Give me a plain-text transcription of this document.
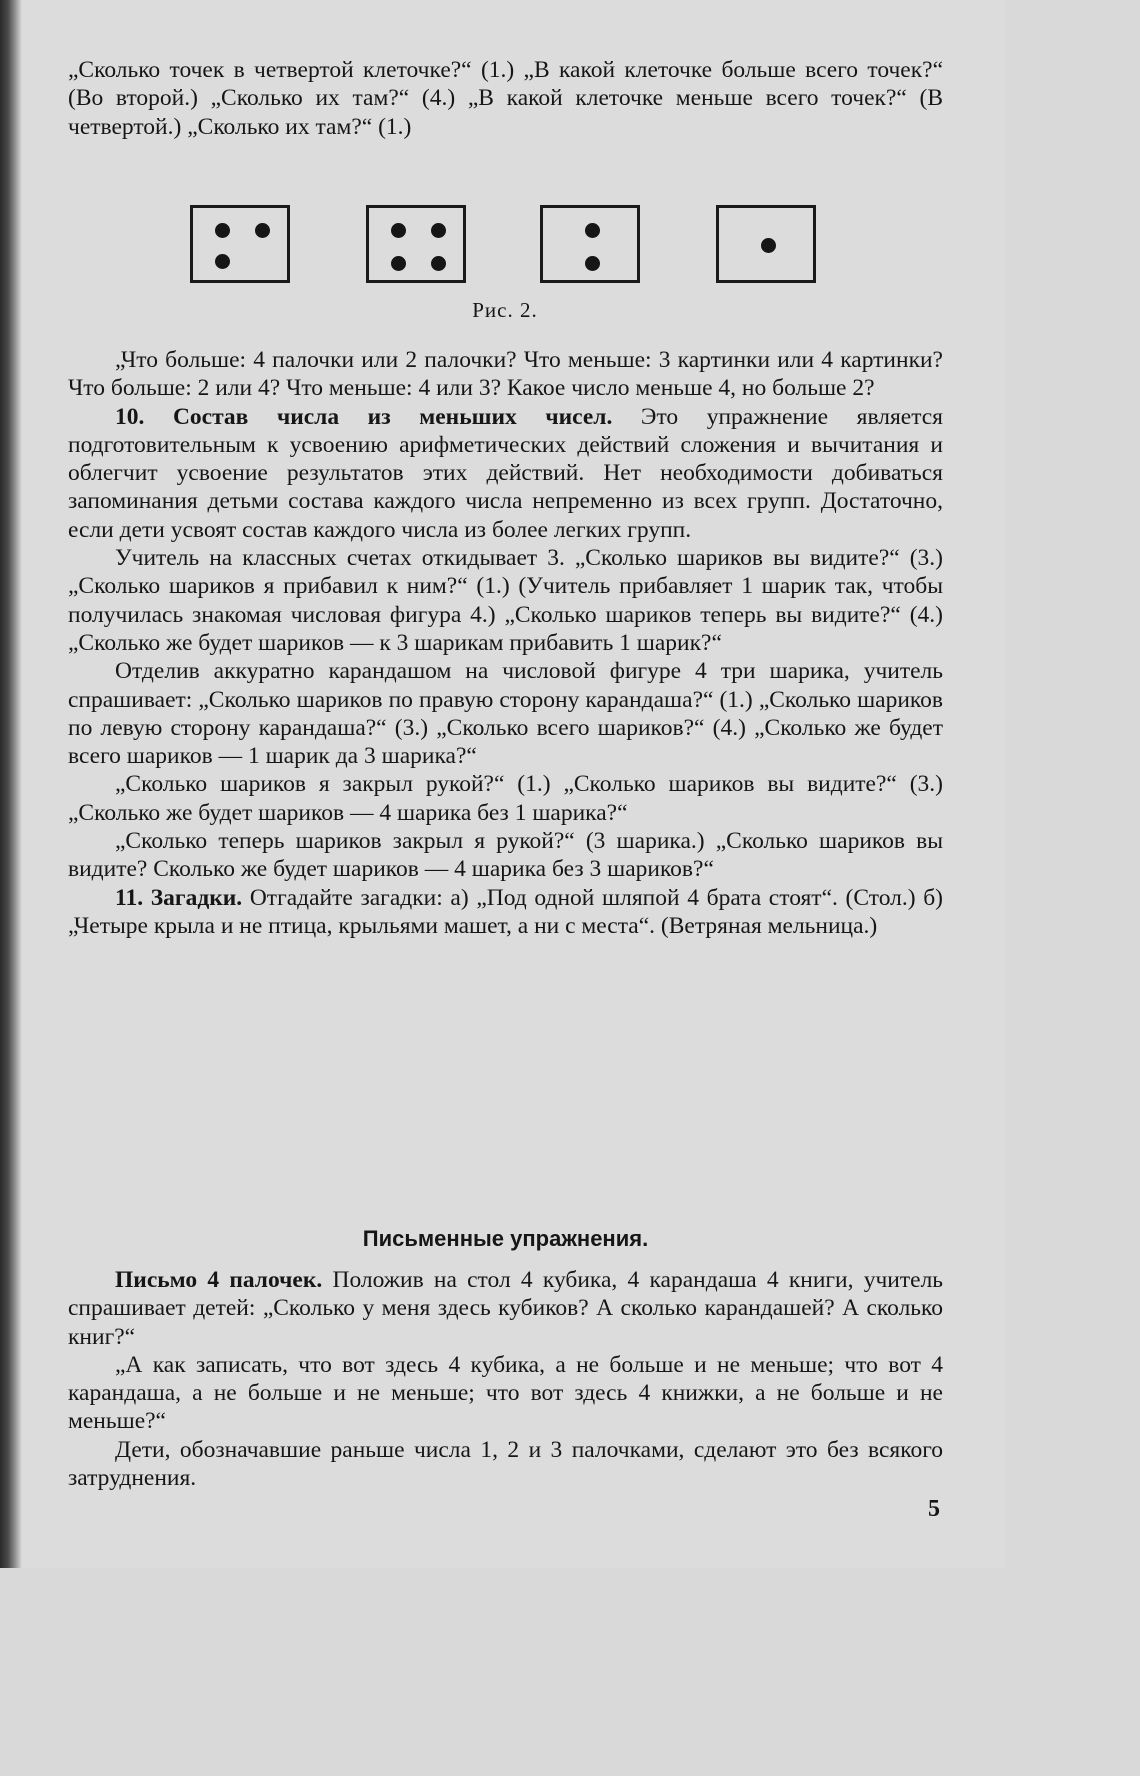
„Сколько точек в четвертой клеточке?“ (1.) „В какой клеточке больше всего точек?“ (Во второй.) „Сколько их там?“ (4.) „В какой клеточке меньше всего точек?“ (В четвертой.) „Сколько их там?“ (1.)

Рис. 2.

„Что больше: 4 палочки или 2 палочки? Что меньше: 3 картинки или 4 картинки? Что больше: 2 или 4? Что меньше: 4 или 3? Какое число меньше 4, но больше 2?

10. Состав числа из меньших чисел. Это упражнение является подготовительным к усвоению арифметических действий сложения и вычитания и облегчит усвоение результатов этих действий. Нет необходимости добиваться запоминания детьми состава каждого числа непременно из всех групп. Достаточно, если дети усвоят состав каждого числа из более легких групп.

Учитель на классных счетах откидывает 3. „Сколько шариков вы видите?“ (3.) „Сколько шариков я прибавил к ним?“ (1.) (Учитель прибавляет 1 шарик так, чтобы получилась знакомая числовая фигура 4.) „Сколько шариков теперь вы видите?“ (4.) „Сколько же будет шариков — к 3 шарикам прибавить 1 шарик?“

Отделив аккуратно карандашом на числовой фигуре 4 три шарика, учитель спрашивает: „Сколько шариков по правую сторону карандаша?“ (1.) „Сколько шариков по левую сторону карандаша?“ (3.) „Сколько всего шариков?“ (4.) „Сколько же будет всего шариков — 1 шарик да 3 шарика?“

„Сколько шариков я закрыл рукой?“ (1.) „Сколько шариков вы видите?“ (3.) „Сколько же будет шариков — 4 шарика без 1 шарика?“

„Сколько теперь шариков закрыл я рукой?“ (3 шарика.) „Сколько шариков вы видите? Сколько же будет шариков — 4 шарика без 3 шариков?“

11. Загадки. Отгадайте загадки: а) „Под одной шляпой 4 брата стоят“. (Стол.) б) „Четыре крыла и не птица, крыльями машет, а ни с места“. (Ветряная мельница.)

Письменные упражнения.

Письмо 4 палочек. Положив на стол 4 кубика, 4 карандаша 4 книги, учитель спрашивает детей: „Сколько у меня здесь кубиков? А сколько карандашей? А сколько книг?“

„А как записать, что вот здесь 4 кубика, а не больше и не меньше; что вот 4 карандаша, а не больше и не меньше; что вот здесь 4 книжки, а не больше и не меньше?“

Дети, обозначавшие раньше числа 1, 2 и 3 палочками, сделают это без всякого затруднения.

5
